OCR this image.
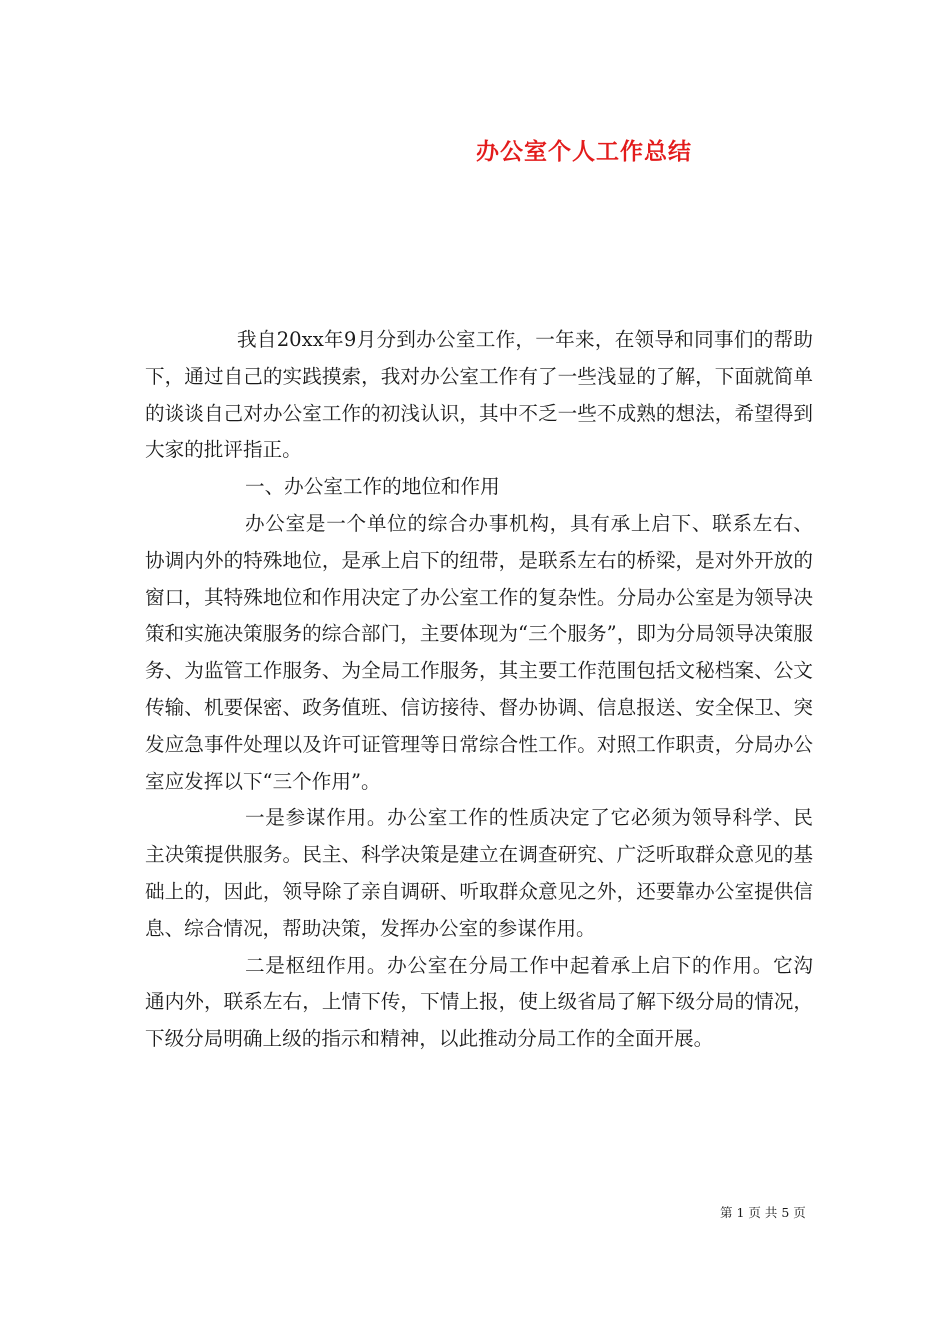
办公室个人工作总结

我自20xx年9月分到办公室工作，一年来，在领导和同事们的帮助下，通过自己的实践摸索，我对办公室工作有了一些浅显的了解，下面就简单的谈谈自己对办公室工作的初浅认识，其中不乏一些不成熟的想法，希望得到大家的批评指正。

一、办公室工作的地位和作用

办公室是一个单位的综合办事机构，具有承上启下、联系左右、协调内外的特殊地位，是承上启下的纽带，是联系左右的桥梁，是对外开放的窗口，其特殊地位和作用决定了办公室工作的复杂性。分局办公室是为领导决策和实施决策服务的综合部门，主要体现为“三个服务”，即为分局领导决策服务、为监管工作服务、为全局工作服务，其主要工作范围包括文秘档案、公文传输、机要保密、政务值班、信访接待、督办协调、信息报送、安全保卫、突发应急事件处理以及许可证管理等日常综合性工作。对照工作职责，分局办公室应发挥以下“三个作用”。

一是参谋作用。办公室工作的性质决定了它必须为领导科学、民主决策提供服务。民主、科学决策是建立在调查研究、广泛听取群众意见的基础上的，因此，领导除了亲自调研、听取群众意见之外，还要靠办公室提供信息、综合情况，帮助决策，发挥办公室的参谋作用。

二是枢纽作用。办公室在分局工作中起着承上启下的作用。它沟通内外，联系左右，上情下传，下情上报，使上级省局了解下级分局的情况，下级分局明确上级的指示和精神，以此推动分局工作的全面开展。

第 1 页 共 5 页
